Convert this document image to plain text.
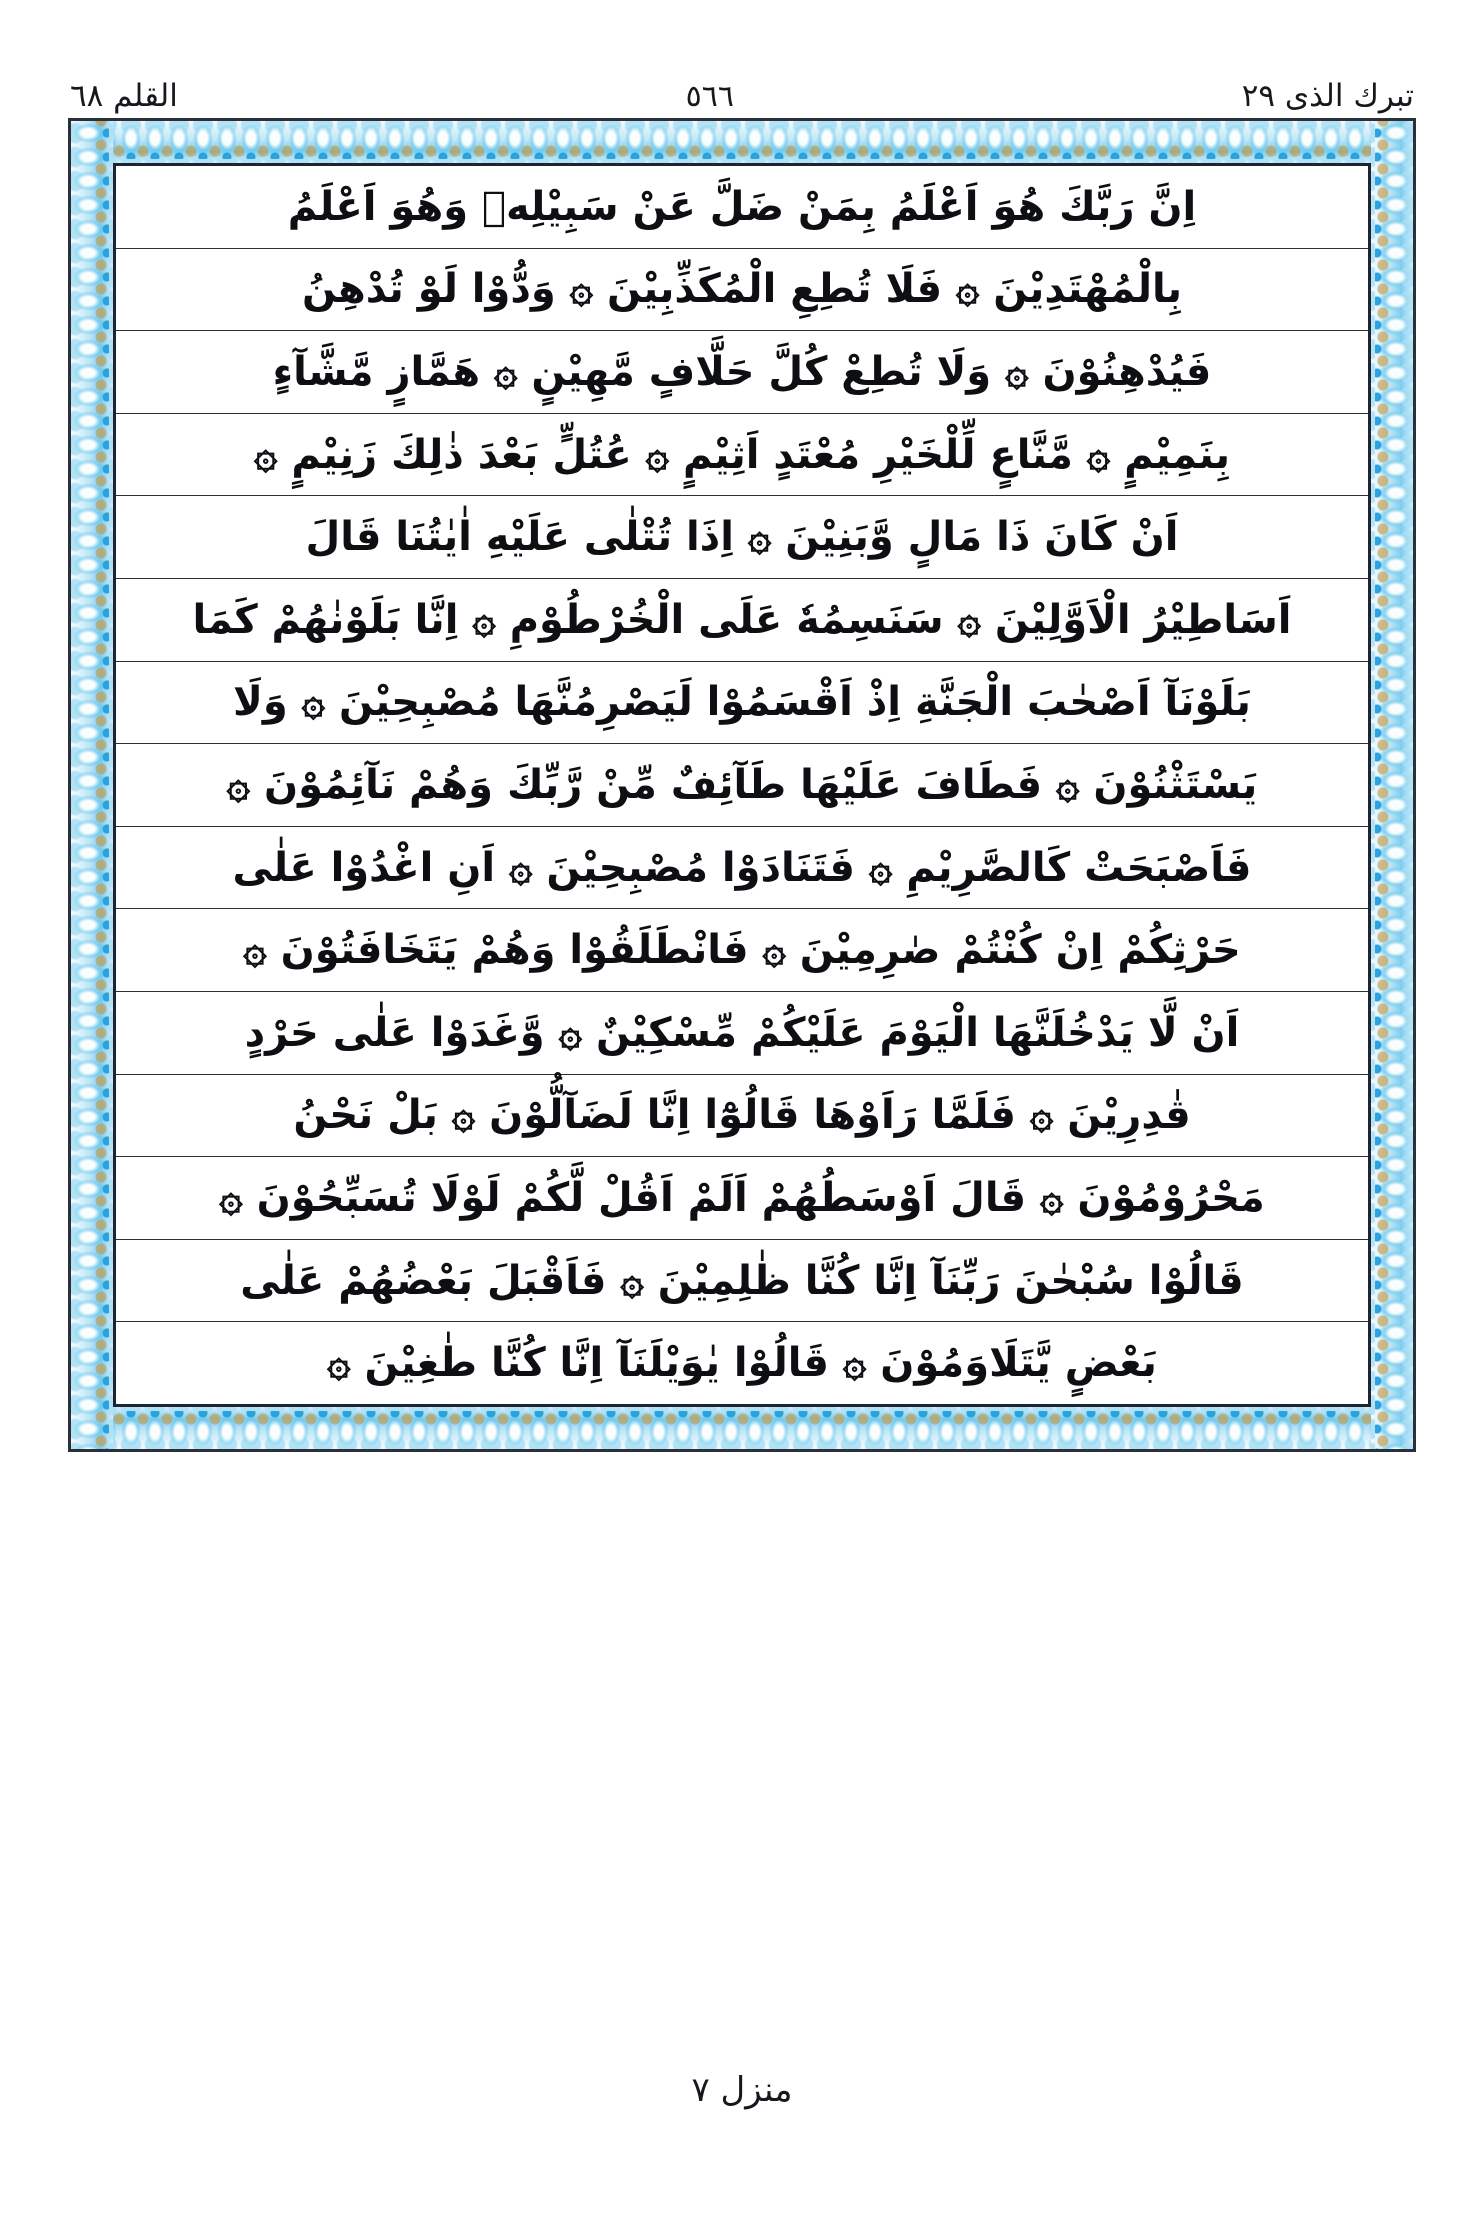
تبرك الذى ٢٩
٥٦٦
القلم ٦٨
اِنَّ رَبَّكَ هُوَ اَعْلَمُ بِمَنْ ضَلَّ عَنْ سَبِيْلِهٖ وَهُوَ اَعْلَمُ
بِالْمُهْتَدِيْنَ ۞ فَلَا تُطِعِ الْمُكَذِّبِيْنَ ۞ وَدُّوْا لَوْ تُدْهِنُ
فَيُدْهِنُوْنَ ۞ وَلَا تُطِعْ كُلَّ حَلَّافٍ مَّهِيْنٍ ۞ هَمَّازٍ مَّشَّآءٍ
بِنَمِيْمٍ ۞ مَّنَّاعٍ لِّلْخَيْرِ مُعْتَدٍ اَثِيْمٍ ۞ عُتُلٍّ بَعْدَ ذٰلِكَ زَنِيْمٍ ۞
اَنْ كَانَ ذَا مَالٍ وَّبَنِيْنَ ۞ اِذَا تُتْلٰى عَلَيْهِ اٰيٰتُنَا قَالَ
اَسَاطِيْرُ الْاَوَّلِيْنَ ۞ سَنَسِمُهٗ عَلَى الْخُرْطُوْمِ ۞ اِنَّا بَلَوْنٰهُمْ كَمَا
بَلَوْنَآ اَصْحٰبَ الْجَنَّةِ اِذْ اَقْسَمُوْا لَيَصْرِمُنَّهَا مُصْبِحِيْنَ ۞ وَلَا
يَسْتَثْنُوْنَ ۞ فَطَافَ عَلَيْهَا طَآئِفٌ مِّنْ رَّبِّكَ وَهُمْ نَآئِمُوْنَ ۞
فَاَصْبَحَتْ كَالصَّرِيْمِ ۞ فَتَنَادَوْا مُصْبِحِيْنَ ۞ اَنِ اغْدُوْا عَلٰى
حَرْثِكُمْ اِنْ كُنْتُمْ صٰرِمِيْنَ ۞ فَانْطَلَقُوْا وَهُمْ يَتَخَافَتُوْنَ ۞
اَنْ لَّا يَدْخُلَنَّهَا الْيَوْمَ عَلَيْكُمْ مِّسْكِيْنٌ ۞ وَّغَدَوْا عَلٰى حَرْدٍ
قٰدِرِيْنَ ۞ فَلَمَّا رَاَوْهَا قَالُوْٓا اِنَّا لَضَآلُّوْنَ ۞ بَلْ نَحْنُ
مَحْرُوْمُوْنَ ۞ قَالَ اَوْسَطُهُمْ اَلَمْ اَقُلْ لَّكُمْ لَوْلَا تُسَبِّحُوْنَ ۞
قَالُوْا سُبْحٰنَ رَبِّنَآ اِنَّا كُنَّا ظٰلِمِيْنَ ۞ فَاَقْبَلَ بَعْضُهُمْ عَلٰى
بَعْضٍ يَّتَلَاوَمُوْنَ ۞ قَالُوْا يٰوَيْلَنَآ اِنَّا كُنَّا طٰغِيْنَ ۞
منزل ٧
